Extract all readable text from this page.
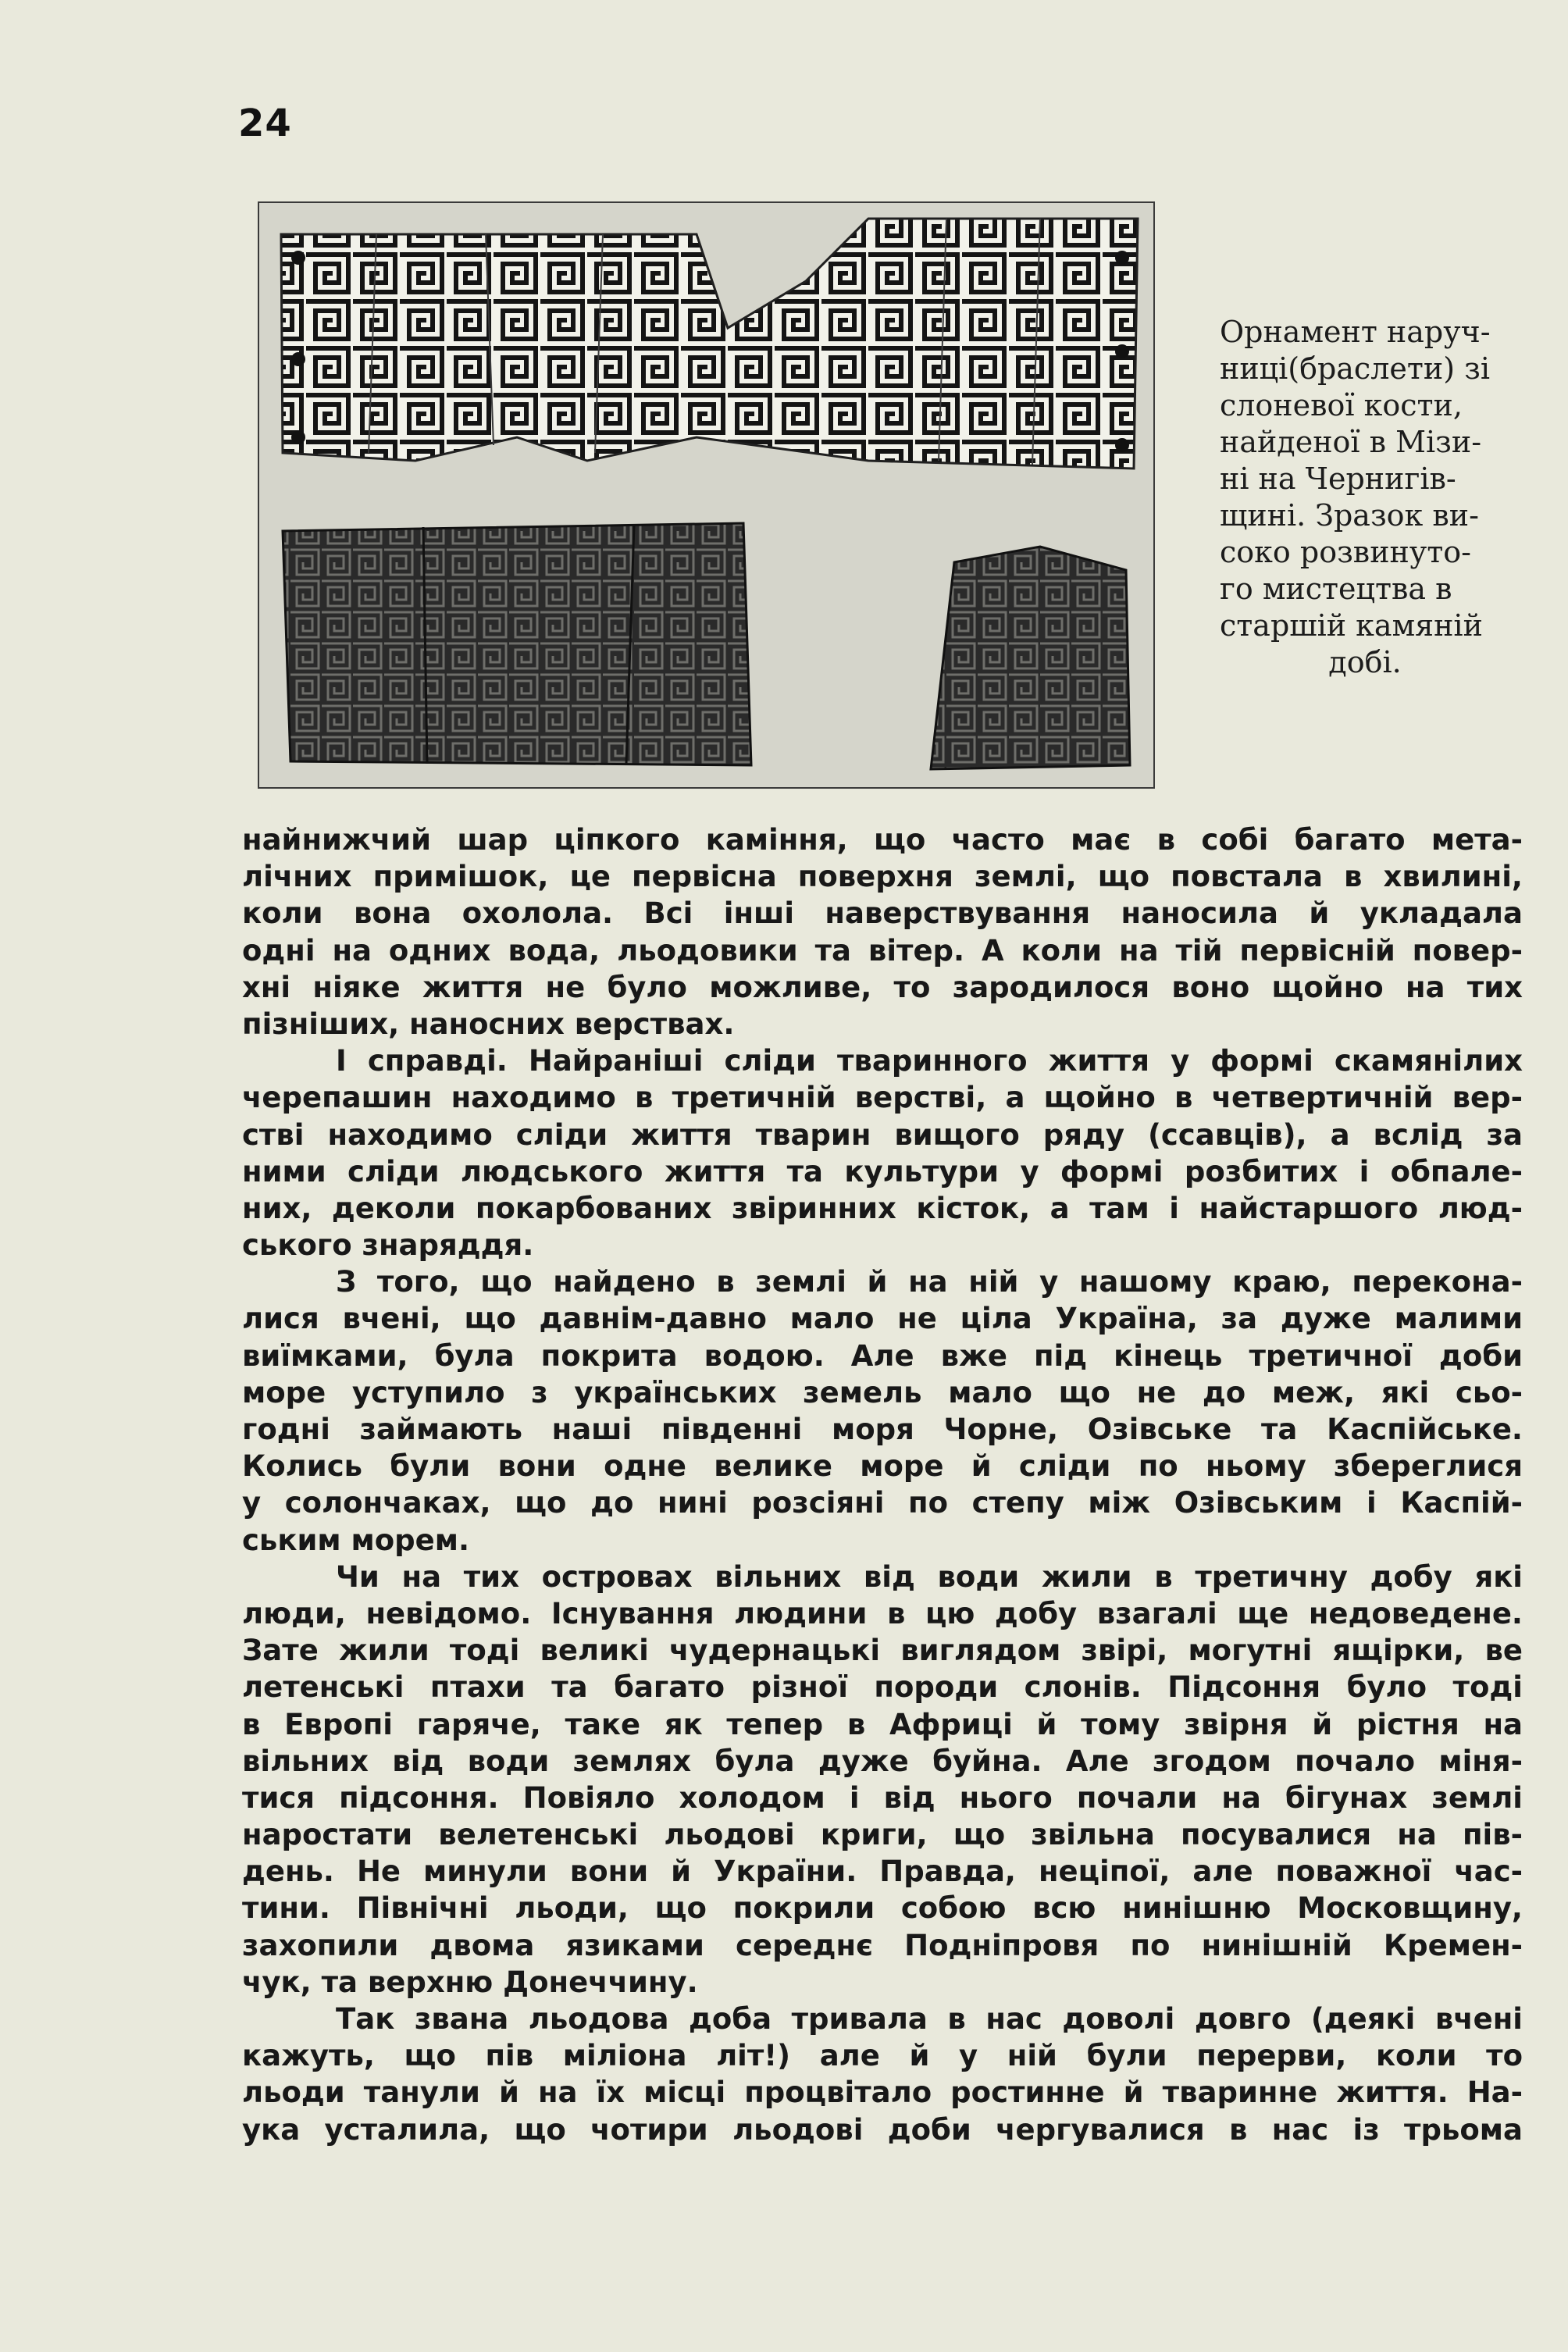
24
Орнамент наруч-
ниці(браслети) зі
слоневої кости,
найденої в Мізи-
ні на Чернигів-
щині. Зразок ви-
соко розвинуто-
го мистецтва в
старшій камяній
добі.
найнижчий шар ціпкого каміння, що часто має в собі багато мета-
лічних примішок, це первісна поверхня землі, що повстала в хвилині,
коли вона охолола. Всі інші наверствування наносила й укладала
одні на одних вода, льодовики та вітер. А коли на тій первісній повер-
хні ніяке життя не було можливе, то зародилося воно щойно на тих
пізніших, наносних верствах.
І справді. Найраніші сліди тваринного життя у формі скамянілих
черепашин находимо в третичній верстві, а щойно в четвертичній вер-
стві находимо сліди життя тварин вищого ряду (ссавців), а вслід за
ними сліди людського життя та культури у формі розбитих і обпале-
них, деколи покарбованих звіринних кісток, а там і найстаршого люд-
ського знаряддя.
З того, що найдено в землі й на ній у нашому краю, переконa-
лися вчені, що давнім-давно мало не ціла Україна, за дуже малими
виїмками, була покрита водою. Але вже під кінець третичної доби
море уступило з українських земель мало що не до меж, які сьо-
годні займають наші південні моря Чорне, Озівське та Каспійське.
Колись були вони одне велике море й сліди по ньому збереглися
у солончаках, що до нині розсіяні по степу між Озівським і Каспій-
ським морем.
Чи на тих островах вільних від води жили в третичну добу які
люди, невідомо. Існування людини в цю добу взагалі ще недоведене.
Зате жили тоді великі чудернацькі виглядом звірі, могутні ящірки, ве
летенські птахи та багато різної породи слонів. Підсоння було тоді
в Европі гаряче, таке як тепер в Африці й тому звірня й рістня на
вільних від води землях була дуже буйна. Але згодом почало міня-
тися підсоння. Повіяло холодом і від нього почали на бігунах землі
наростати велетенські льодові криги, що звільна посувалися на пів-
день. Не минули вони й України. Правда, неціпої, але поважної час-
тини. Північні льоди, що покрили собою всю нинішню Московщину,
захопили двома язиками середнє Подніпровя по нинішній Кремен-
чук, та верхню Донеччину.
Так звана льодова доба тривала в нас доволі довго (деякі вчені
кажуть, що пів міліона літ!) але й у ній були перерви, коли то
льоди танули й на їх місці процвітало ростинне й тваринне життя. На-
ука усталила, що чотири льодові доби чергувалися в нас із трьома
